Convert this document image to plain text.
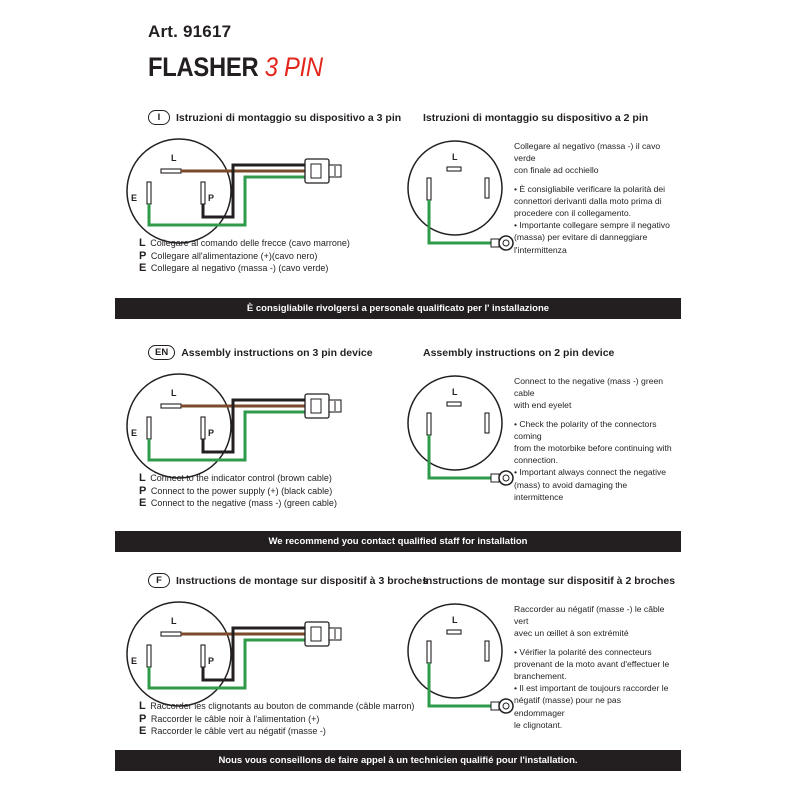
Art. 91617
FLASHER 3 PIN
I	Istruzioni di montaggio su dispositivo a 3 pin Istruzioni di montaggio su dispositivo a 2 pin
L
E	P
L Collegare al comando delle frecce (cavo marrone)
P Collegare all'alimentazione (+)(cavo nero)
E Collegare al negativo (massa -) (cavo verde)
L
Collegare al negativo (massa -) il cavo verde
con finale ad occhiello
• È consigliabile verificare la polarità dei
connettori derivanti dalla moto prima di
procedere con il collegamento.
• Importante collegare sempre il negativo
(massa) per evitare di danneggiare
l'intermittenza
È consigliabile rivolgersi a personale qualificato per l' installazione
EN	Assembly instructions on 3 pin device	Assembly instructions on 2 pin device
L
E	P
L Connect to the indicator control (brown cable)
P Connect to the power supply (+) (black cable)
E Connect to the negative (mass -) (green cable)
L
Connect to the negative (mass -) green cable
with end eyelet
• Check the polarity of the connectors coming
from the motorbike before continuing with
connection.
• Important always connect the negative
(mass) to avoid damaging the intermittence
We recommend you contact qualified staff for installation
F	Instructions de montage sur dispositif à 3 broches
Instructions de montage sur dispositif à 2 broches
L
E	P
L Raccorder les clignotants au bouton de commande (câble marron)
P Raccorder le câble noir à l'alimentation (+)
E Raccorder le câble vert au négatif (masse -)
L
Raccorder au négatif (masse -) le câble vert
avec un œillet à son extrémité
• Vérifier la polarité des connecteurs
provenant de la moto avant d'effectuer le
branchement.
• Il est important de toujours raccorder le
négatif (masse) pour ne pas endommager
le clignotant.
Nous vous conseillons de faire appel à un technicien qualifié pour l'installation.
